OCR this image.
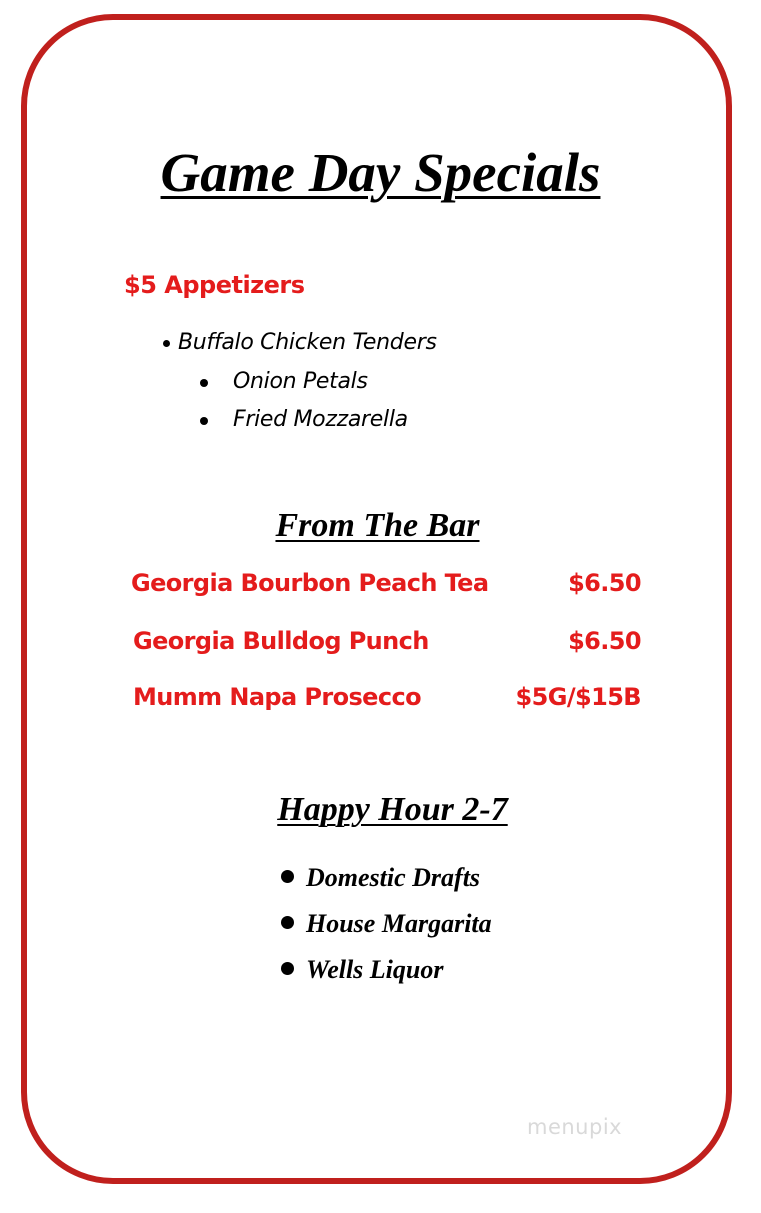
Game Day Specials
$5 Appetizers
Buffalo Chicken Tenders
Onion Petals
Fried Mozzarella
From The Bar
Georgia Bourbon Peach Tea	$6.50
Georgia Bulldog Punch	$6.50
Mumm Napa Prosecco	$5G/$15B
Happy Hour 2-7
Domestic Drafts
House Margarita
Wells Liquor
menupix
